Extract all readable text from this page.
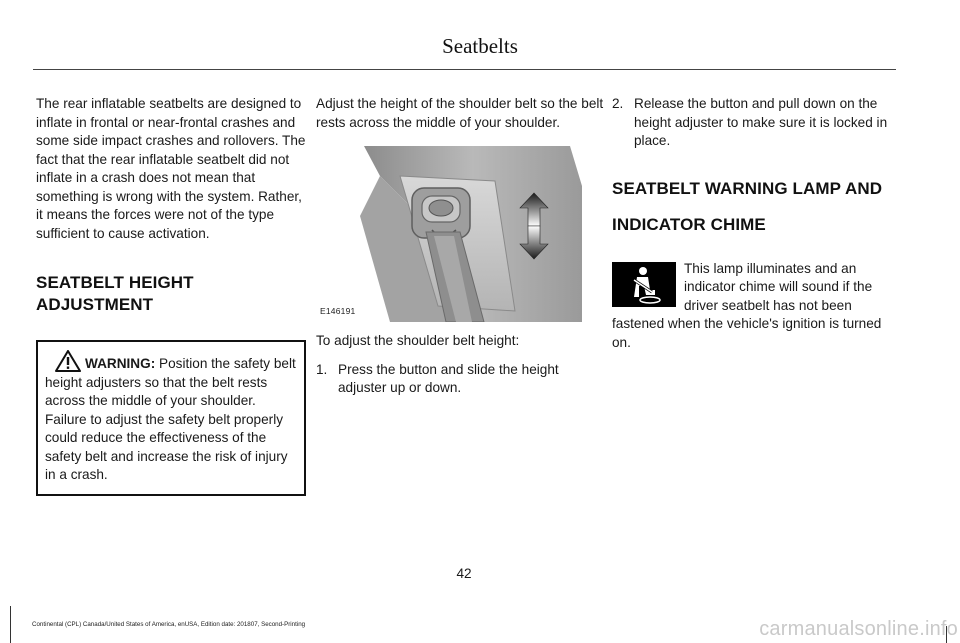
Seatbelts

The rear inflatable seatbelts are designed to inflate in frontal or near-frontal crashes and some side impact crashes and rollovers. The fact that the rear inflatable seatbelt did not inflate in a crash does not mean that something is wrong with the system. Rather, it means the forces were not of the type sufficient to cause activation.

SEATBELT HEIGHT ADJUSTMENT
WARNING: Position the safety belt height adjusters so that the belt rests across the middle of your shoulder. Failure to adjust the safety belt properly could reduce the effectiveness of the safety belt and increase the risk of injury in a crash.

Adjust the height of the shoulder belt so the belt rests across the middle of your shoulder.

E146191

To adjust the shoulder belt height:

1. Press the button and slide the height adjuster up or down.
2. Release the button and pull down on the height adjuster to make sure it is locked in place.
SEATBELT WARNING LAMP AND
INDICATOR CHIME

This lamp illuminates and an indicator chime will sound if the driver seatbelt has not been fastened when the vehicle's ignition is turned on.

42
Continental (CPL) Canada/United States of America, enUSA, Edition date: 201807, Second-Printing	carmanualsonline.info
